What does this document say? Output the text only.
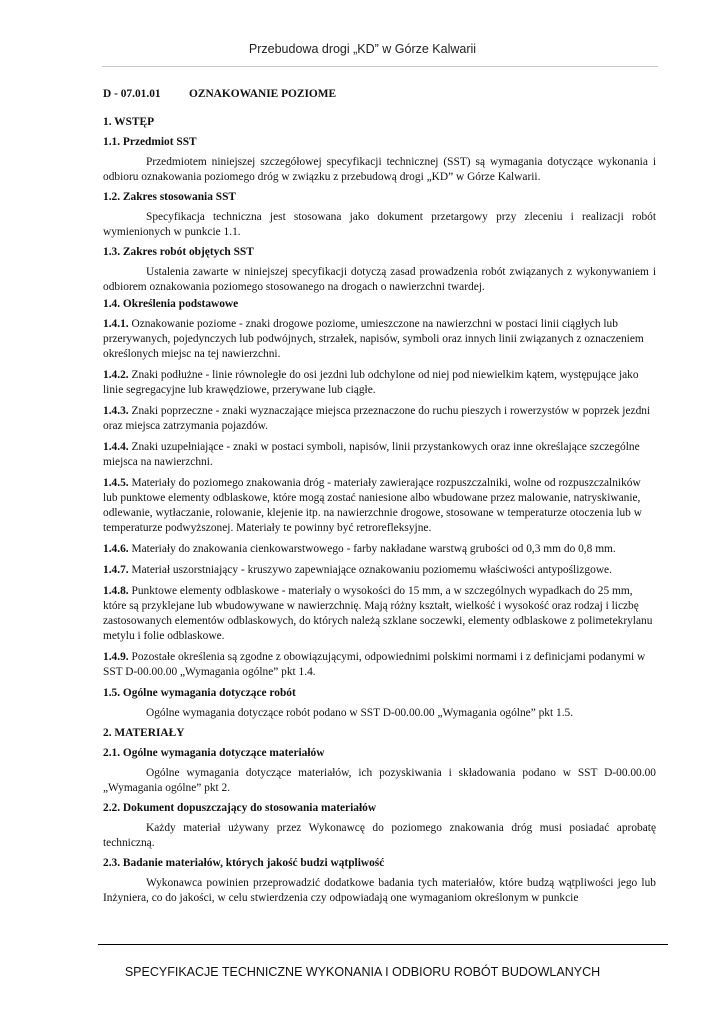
Przebudowa drogi „KD” w Górze Kalwarii
D - 07.01.01 OZNAKOWANIE POZIOME
1. WSTĘP
1.1. Przedmiot SST
Przedmiotem niniejszej szczegółowej specyfikacji technicznej (SST) są wymagania dotyczące wykonania i odbioru oznakowania poziomego dróg w związku z przebudową drogi „KD” w Górze Kalwarii.
1.2. Zakres stosowania SST
Specyfikacja techniczna jest stosowana jako dokument przetargowy przy zleceniu i realizacji robót wymienionych w punkcie 1.1.
1.3. Zakres robót objętych SST
Ustalenia zawarte w niniejszej specyfikacji dotyczą zasad prowadzenia robót związanych z wykonywaniem i odbiorem oznakowania poziomego stosowanego na drogach o nawierzchni twardej.
1.4. Określenia podstawowe
1.4.1. Oznakowanie poziome - znaki drogowe poziome, umieszczone na nawierzchni w postaci linii ciągłych lub przerywanych, pojedynczych lub podwójnych, strzałek, napisów, symboli oraz innych linii związanych z oznaczeniem określonych miejsc na tej nawierzchni.
1.4.2. Znaki podłużne - linie równoległe do osi jezdni lub odchylone od niej pod niewielkim kątem, występujące jako linie segregacyjne lub krawędziowe, przerywane lub ciągłe.
1.4.3. Znaki poprzeczne - znaki wyznaczające miejsca przeznaczone do ruchu pieszych i rowerzystów w poprzek jezdni oraz miejsca zatrzymania pojazdów.
1.4.4. Znaki uzupełniające - znaki w postaci symboli, napisów, linii przystankowych oraz inne określające szczególne miejsca na nawierzchni.
1.4.5. Materiały do poziomego znakowania dróg - materiały zawierające rozpuszczalniki, wolne od rozpuszczalników lub punktowe elementy odblaskowe, które mogą zostać naniesione albo wbudowane przez malowanie, natryskiwanie, odlewanie, wytłaczanie, rolowanie, klejenie itp. na nawierzchnie drogowe, stosowane w temperaturze otoczenia lub w temperaturze podwyższonej. Materiały te powinny być retrorefleksyjne.
1.4.6. Materiały do znakowania cienkowarstwowego - farby nakładane warstwą grubości od 0,3 mm do 0,8 mm.
1.4.7. Materiał uszorstniający - kruszywo zapewniające oznakowaniu poziomemu właściwości antypoślizgowe.
1.4.8. Punktowe elementy odblaskowe - materiały o wysokości do 15 mm, a w szczególnych wypadkach do 25 mm, które są przyklejane lub wbudowywane w nawierzchnię. Mają różny kształt, wielkość i wysokość oraz rodzaj i liczbę zastosowanych elementów odblaskowych, do których należą szklane soczewki, elementy odblaskowe z polimetekrylanu metylu i folie odblaskowe.
1.4.9. Pozostałe określenia są zgodne z obowiązującymi, odpowiednimi polskimi normami i z definicjami podanymi w SST D-00.00.00 „Wymagania ogólne” pkt 1.4.
1.5. Ogólne wymagania dotyczące robót
Ogólne wymagania dotyczące robót podano w SST D-00.00.00 „Wymagania ogólne” pkt 1.5.
2. MATERIAŁY
2.1. Ogólne wymagania dotyczące materiałów
Ogólne wymagania dotyczące materiałów, ich pozyskiwania i składowania podano w SST D-00.00.00 „Wymagania ogólne” pkt 2.
2.2. Dokument dopuszczający do stosowania materiałów
Każdy materiał używany przez Wykonawcę do poziomego znakowania dróg musi posiadać aprobatę techniczną.
2.3. Badanie materiałów, których jakość budzi wątpliwość
Wykonawca powinien przeprowadzić dodatkowe badania tych materiałów, które budzą wątpliwości jego lub Inżyniera, co do jakości, w celu stwierdzenia czy odpowiadają one wymaganiom określonym w punkcie
SPECYFIKACJE TECHNICZNE WYKONANIA I ODBIORU ROBÓT BUDOWLANYCH
